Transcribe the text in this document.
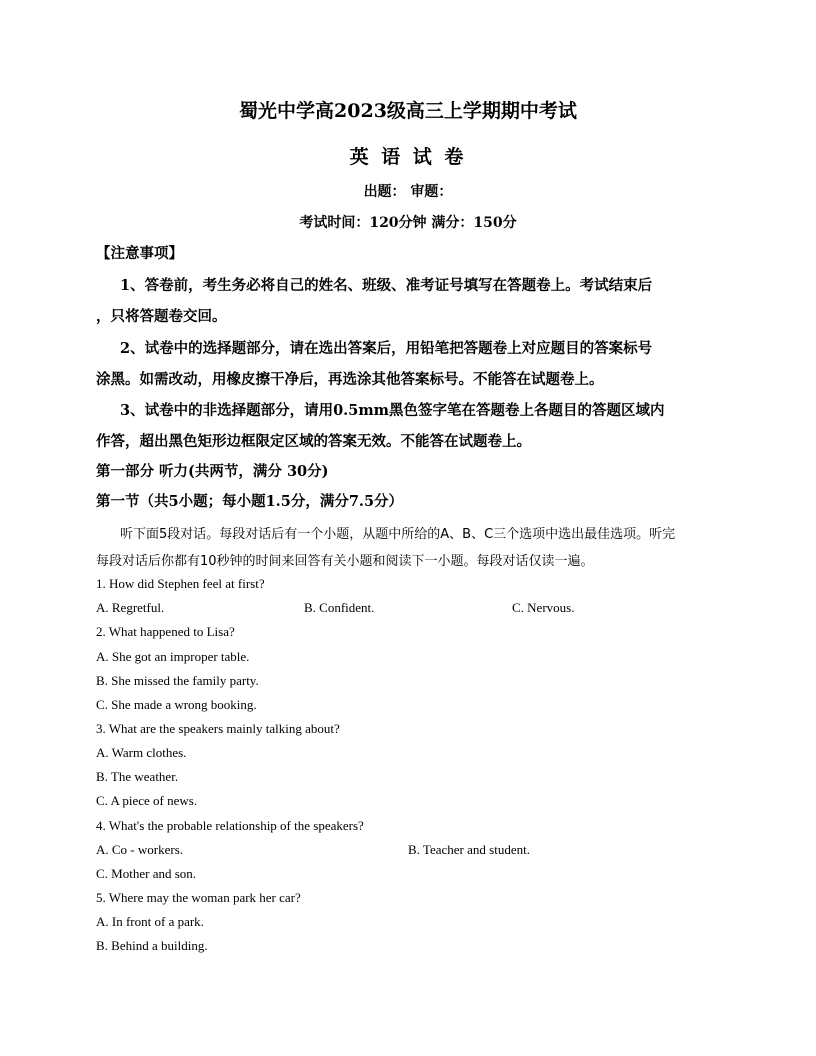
蜀光中学高2023级高三上学期期中考试
英 语 试 卷
出题： 审题：
考试时间：120分钟 满分：150分
【注意事项】
1、答卷前，考生务必将自己的姓名、班级、准考证号填写在答题卷上。考试结束后
，只将答题卷交回。
2、试卷中的选择题部分，请在选出答案后，用铅笔把答题卷上对应题目的答案标号
涂黑。如需改动，用橡皮擦干净后，再选涂其他答案标号。不能答在试题卷上。
3、试卷中的非选择题部分，请用0.5mm黑色签字笔在答题卷上各题目的答题区域内
作答，超出黑色矩形边框限定区域的答案无效。不能答在试题卷上。
第一部分 听力(共两节，满分 30分)
第一节（共5小题；每小题1.5分，满分7.5分）
听下面5段对话。每段对话后有一个小题，从题中所给的A、B、C三个选项中选出最佳选项。听完
每段对话后你都有10秒钟的时间来回答有关小题和阅读下一小题。每段对话仅读一遍。
1. How did Stephen feel at first?
A. Regretful.	B. Confident.	C. Nervous.
2. What happened to Lisa?
A. She got an improper table.
B. She missed the family party.
C. She made a wrong booking.
3. What are the speakers mainly talking about?
A. Warm clothes.
B. The weather.
C. A piece of news.
4. What's the probable relationship of the speakers?
A. Co - workers.	B. Teacher and student.
C. Mother and son.
5. Where may the woman park her car?
A. In front of a park.
B. Behind a building.
